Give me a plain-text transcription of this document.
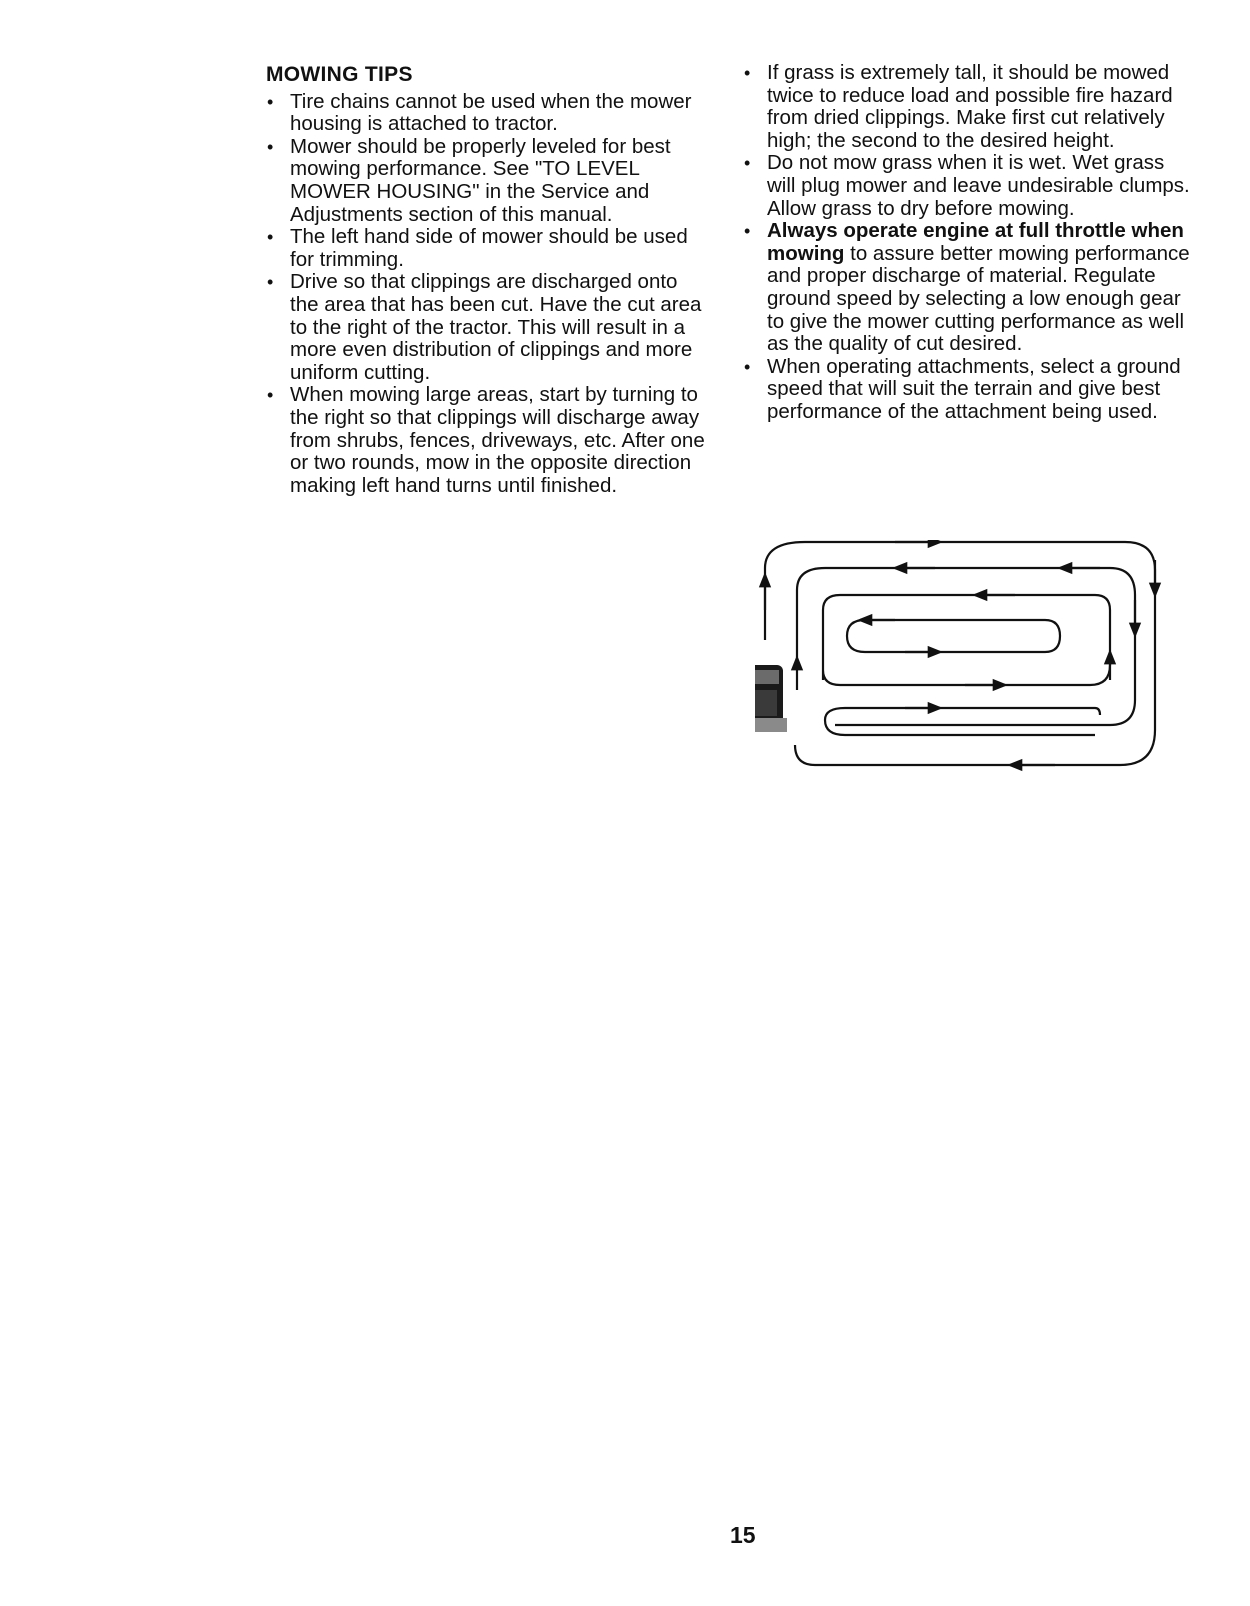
MOWING TIPS
• Tire chains cannot be used when the mower housing is attached to tractor.
• Mower should be properly leveled for best mowing performance. See "TO LEVEL MOWER HOUSING" in the Service and Adjustments section of this manual.
• The left hand side of mower should be used for trimming.
• Drive so that clippings are discharged onto the area that has been cut. Have the cut area to the right of the tractor. This will result in a more even distribution of clippings and more uniform cutting.
• When mowing large areas, start by turning to the right so that clippings will discharge away from shrubs, fences, driveways, etc. After one or two rounds, mow in the opposite direction making left hand turns until finished.
• If grass is extremely tall, it should be mowed twice to reduce load and possible fire hazard from dried clippings. Make first cut relatively high; the second to the desired height.
• Do not mow grass when it is wet. Wet grass will plug mower and leave undesirable clumps. Allow grass to dry before mowing.
• Always operate engine at full throttle when mowing to assure better mowing performance and proper discharge of material. Regulate ground speed by selecting a low enough gear to give the mower cutting performance as well as the quality of cut desired.
• When operating attachments, select a ground speed that will suit the terrain and give best performance of the attachment being used.
15
